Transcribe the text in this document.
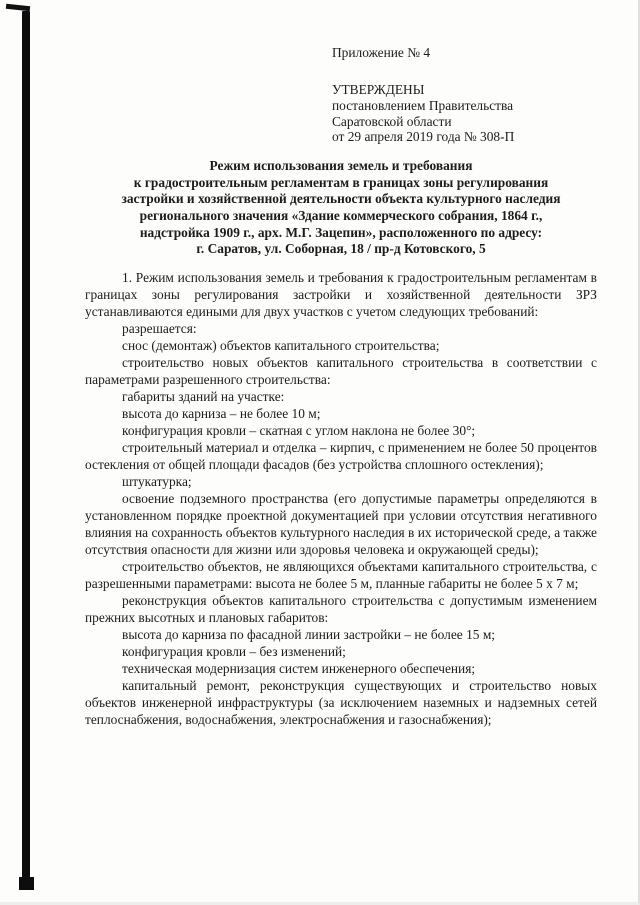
Приложение № 4
УТВЕРЖДЕНЫ
постановлением Правительства
Саратовской области
от 29 апреля 2019 года № 308-П
Режим использования земель и требования
к градостроительным регламентам в границах зоны регулирования
застройки и хозяйственной деятельности объекта культурного наследия
регионального значения «Здание коммерческого собрания, 1864 г.,
надстройка 1909 г., арх. М.Г. Зацепин», расположенного по адресу:
г. Саратов, ул. Соборная, 18 / пр-д Котовского, 5

1. Режим использования земель и требования к градостроительным регламентам в границах зоны регулирования застройки и хозяйственной деятельности ЗРЗ устанавливаются едиными для двух участков с учетом следующих требований:

разрешается:

снос (демонтаж) объектов капитального строительства;

строительство новых объектов капитального строительства в соответствии с параметрами разрешенного строительства:

габариты зданий на участке:

высота до карниза – не более 10 м;

конфигурация кровли – скатная с углом наклона не более 30°;

строительный материал и отделка – кирпич, с применением не более 50 процентов остекления от общей площади фасадов (без устройства сплошного остекления);

штукатурка;

освоение подземного пространства (его допустимые параметры определяются в установленном порядке проектной документацией при условии отсутствия негативного влияния на сохранность объектов культурного наследия в их исторической среде, а также отсутствия опасности для жизни или здоровья человека и окружающей среды);

строительство объектов, не являющихся объектами капитального строительства, с разрешенными параметрами: высота не более 5 м, планные габариты не более 5 х 7 м;

реконструкция объектов капитального строительства с допустимым изменением прежних высотных и плановых габаритов:

высота до карниза по фасадной линии застройки – не более 15 м;

конфигурация кровли – без изменений;

техническая модернизация систем инженерного обеспечения;

капитальный ремонт, реконструкция существующих и строительство новых объектов инженерной инфраструктуры (за исключением наземных и надземных сетей теплоснабжения, водоснабжения, электроснабжения и газоснабжения);
